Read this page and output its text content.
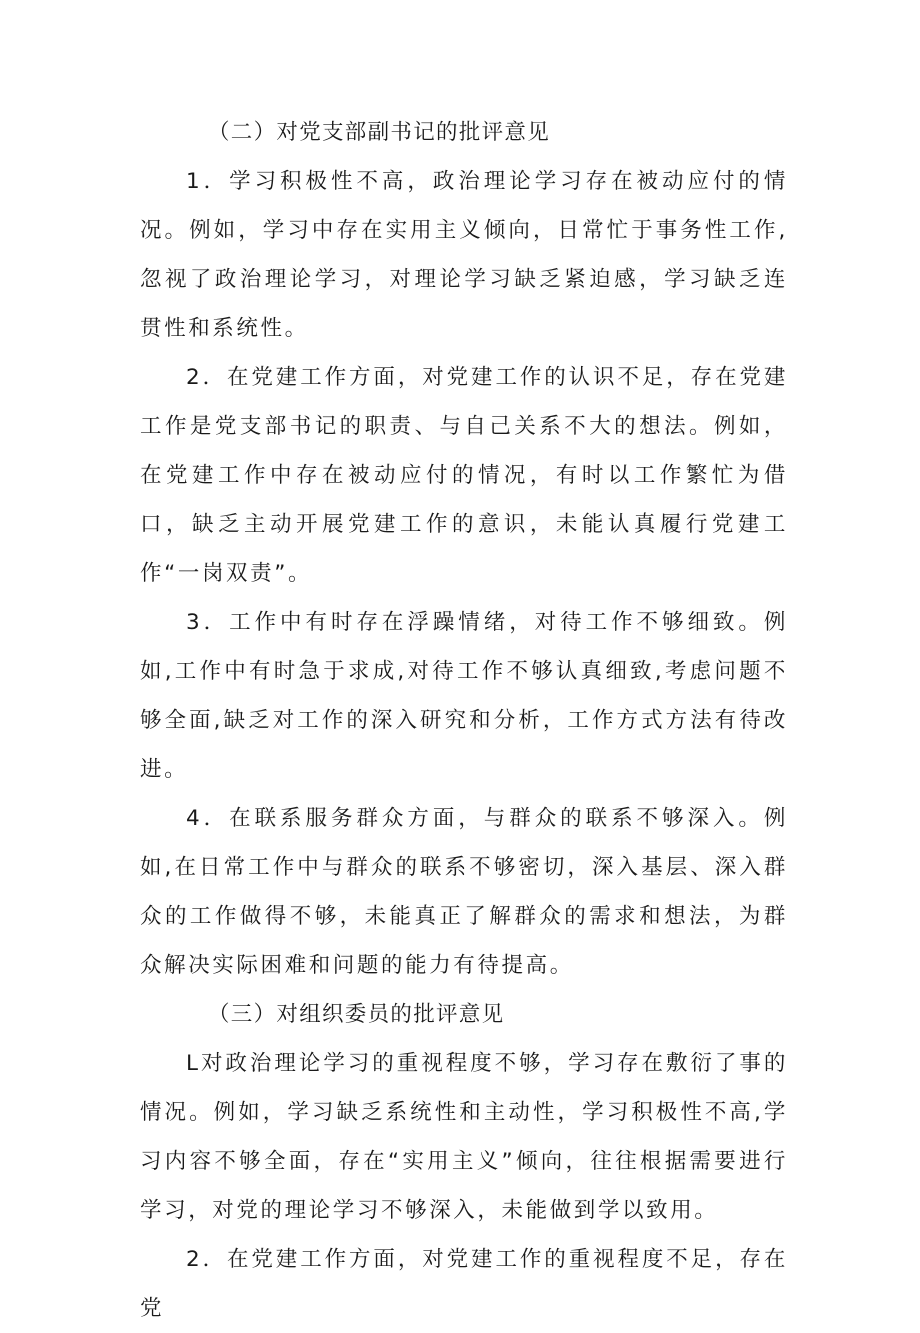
（二）对党支部副书记的批评意见

1．学习积极性不高，政治理论学习存在被动应付的情况。例如，学习中存在实用主义倾向，日常忙于事务性工作,忽视了政治理论学习，对理论学习缺乏紧迫感，学习缺乏连贯性和系统性。

2．在党建工作方面，对党建工作的认识不足，存在党建工作是党支部书记的职责、与自己关系不大的想法。例如，在党建工作中存在被动应付的情况，有时以工作繁忙为借口，缺乏主动开展党建工作的意识，未能认真履行党建工作“一岗双责”。

3．工作中有时存在浮躁情绪，对待工作不够细致。例如,工作中有时急于求成,对待工作不够认真细致,考虑问题不够全面,缺乏对工作的深入研究和分析，工作方式方法有待改进。

4．在联系服务群众方面，与群众的联系不够深入。例如,在日常工作中与群众的联系不够密切，深入基层、深入群众的工作做得不够，未能真正了解群众的需求和想法，为群众解决实际困难和问题的能力有待提高。

（三）对组织委员的批评意见

L对政治理论学习的重视程度不够，学习存在敷衍了事的情况。例如，学习缺乏系统性和主动性，学习积极性不高,学习内容不够全面，存在“实用主义”倾向，往往根据需要进行学习，对党的理论学习不够深入，未能做到学以致用。

2．在党建工作方面，对党建工作的重视程度不足，存在党
